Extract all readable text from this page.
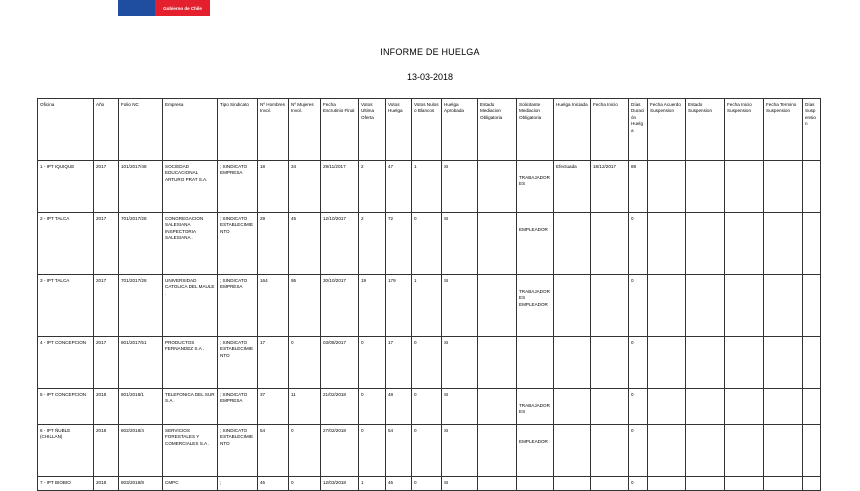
Gobierno de Chile
INFORME DE HUELGA
13-03-2018
Oficina	Año	Folio NC	Empresa	Tipo Sindicato	Nº Hombres Invol.	Nº Mujeres Invol.	Fecha Escrutinio Final	Votos Ultima Oferta	Votos Huelga	Votos Nulos o Blancos	Huelga Aprobada	Estado Mediacion Obligatoria	Solicitante Mediacion Obligatoria	Huelga Iniciada	Fecha Inicio	Días Duración Huelga	Fecha Acuerdo Suspension	Estado Suspension	Fecha Inicio Suspension	Fecha Termino Suspension	Días Suspension
1 - IPT IQUIQUE	2017	101/2017/48	SOCIEDAD EDUCACIONAL ARTURO PRAT S.A.	; SINDICATO EMPRESA	18	34	29/11/2017	2	47	1	SI		TRABAJADORES	Efectuada	18/12/2017	88					
2 - IPT TALCA	2017	701/2017/28	CONGREGACION SALESIANA INSPECTORIA SALESIANA .	; SINDICATO ESTABLECIMIENTO	29	45	12/10/2017	2	72	0	SI		EMPLEADOR			0					
3 - IPT TALCA	2017	701/2017/28	UNIVERSIDAD CATOLICA DEL MAULE .	; SINDICATO EMPRESA	164	95	30/10/2017	19	179	1	SI		TRABAJADORES EMPLEADOR			0					
4 - IPT CONCEPCION	2017	801/2017/51	PRODUCTOS FERNANDEZ S.A .	; SINDICATO ESTABLECIMIENTO	17	0	03/08/2017	0	17	0	SI					0					
5 - IPT CONCEPCION	2018	801/2018/1	TELEFONICA DEL SUR S.A .	; SINDICATO EMPRESA	37	11	21/02/2018	0	48	0	SI		TRABAJADORES			0					
6 - IPT ÑUBLE (CHILLAN)	2018	802/2018/4	SERVICIOS FORESTALES Y COMERCIALES S.A .	; SINDICATO ESTABLECIMIENTO	54	0	27/02/2018	0	54	0	SI		EMPLEADOR			0					
7 - IPT BIOBIO	2018	803/2018/8	CMPC	;	45	0	12/03/2018	1	45	0	SI					0					
